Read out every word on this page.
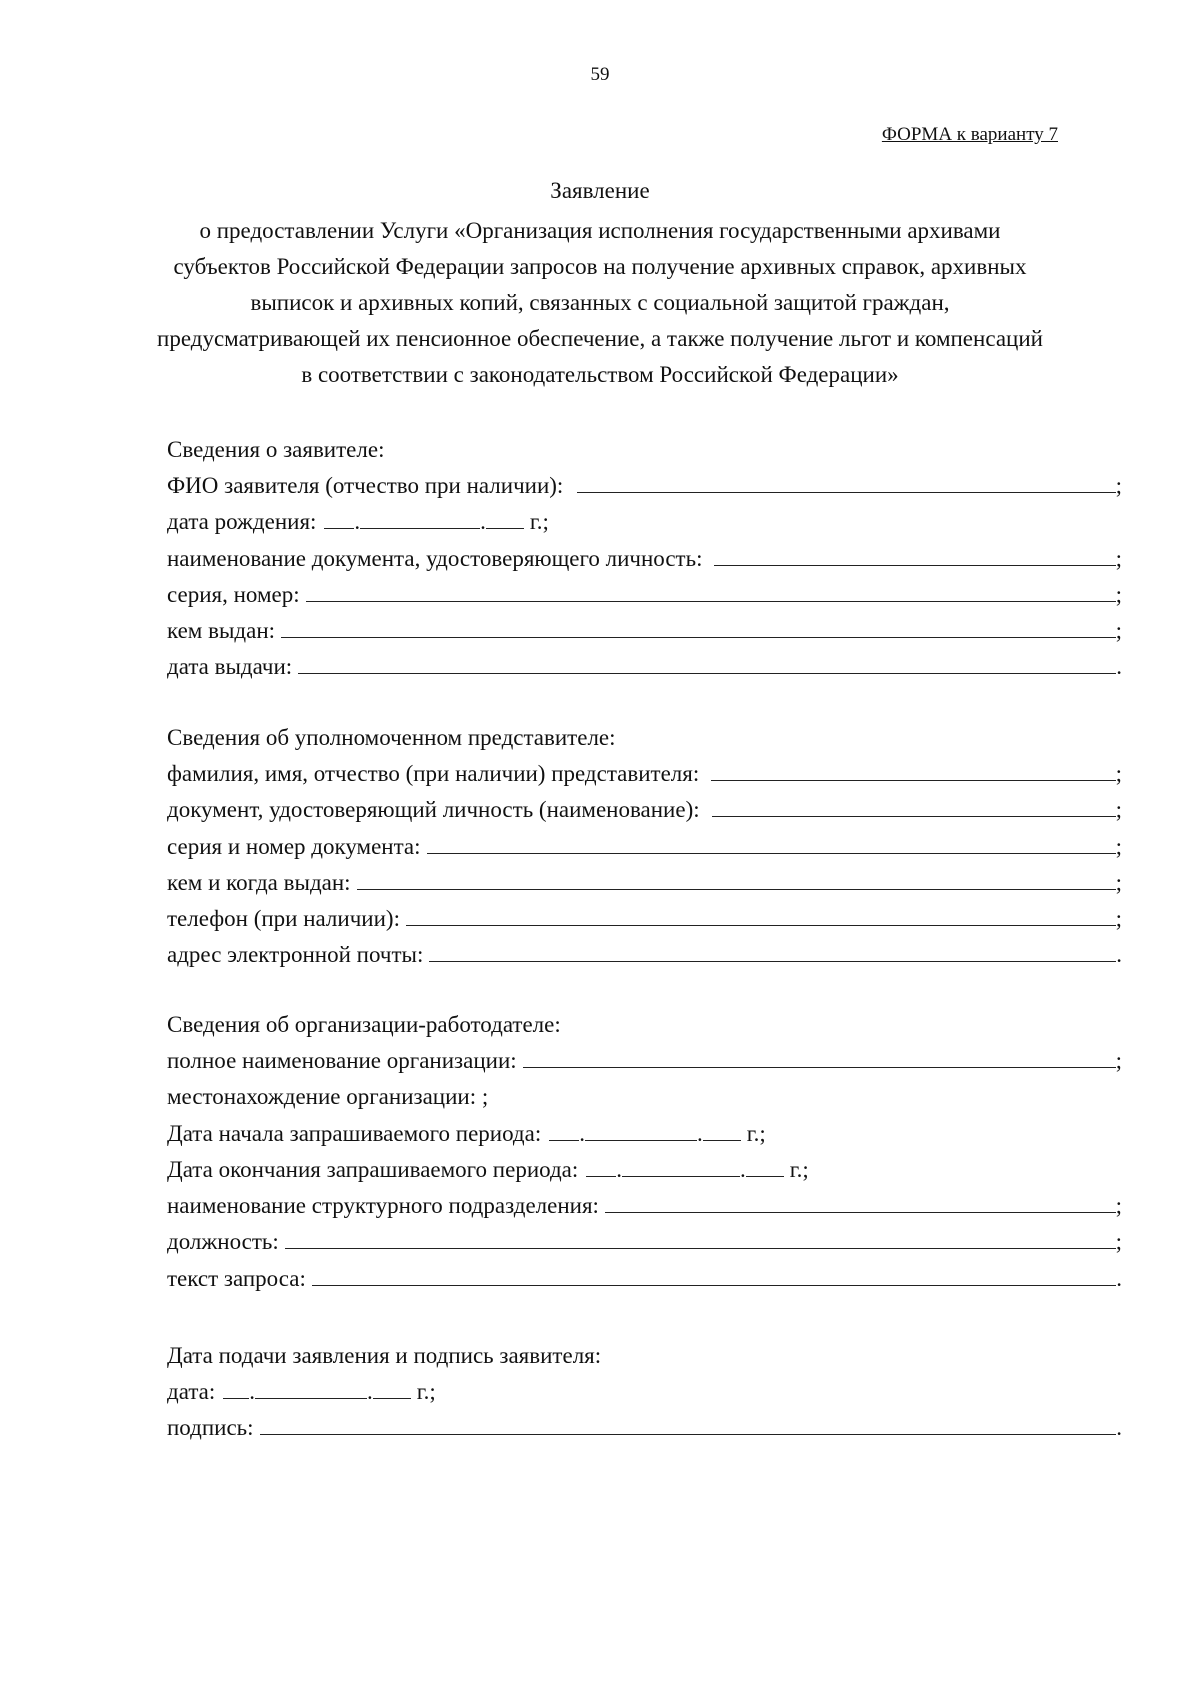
59
ФОРМА к варианту 7
Заявление
о предоставлении Услуги «Организация исполнения государственными архивами субъектов Российской Федерации запросов на получение архивных справок, архивных выписок и архивных копий, связанных с социальной защитой граждан, предусматривающей их пенсионное обеспечение, а также получение льгот и компенсаций в соответствии с законодательством Российской Федерации»
Сведения о заявителе:
ФИО заявителя (отчество при наличии):	;
дата рождения: .	. г.;
наименование документа, удостоверяющего личность:	;
серия, номер:	;
кем выдан:	;
дата выдачи:	.
Сведения об уполномоченном представителе:
фамилия, имя, отчество (при наличии) представителя:	;
документ, удостоверяющий личность (наименование):	;
серия и номер документа:	;
кем и когда выдан:	;
телефон (при наличии):	;
адрес электронной почты:	.
Сведения об организации-работодателе:
полное наименование организации:	;
местонахождение организации: ;
Дата начала запрашиваемого периода: .	. г.;
Дата окончания запрашиваемого периода: .	. г.;
наименование структурного подразделения:	;
должность:	;
текст запроса:	.
Дата подачи заявления и подпись заявителя:
дата: .	. г.;
подпись:	.
